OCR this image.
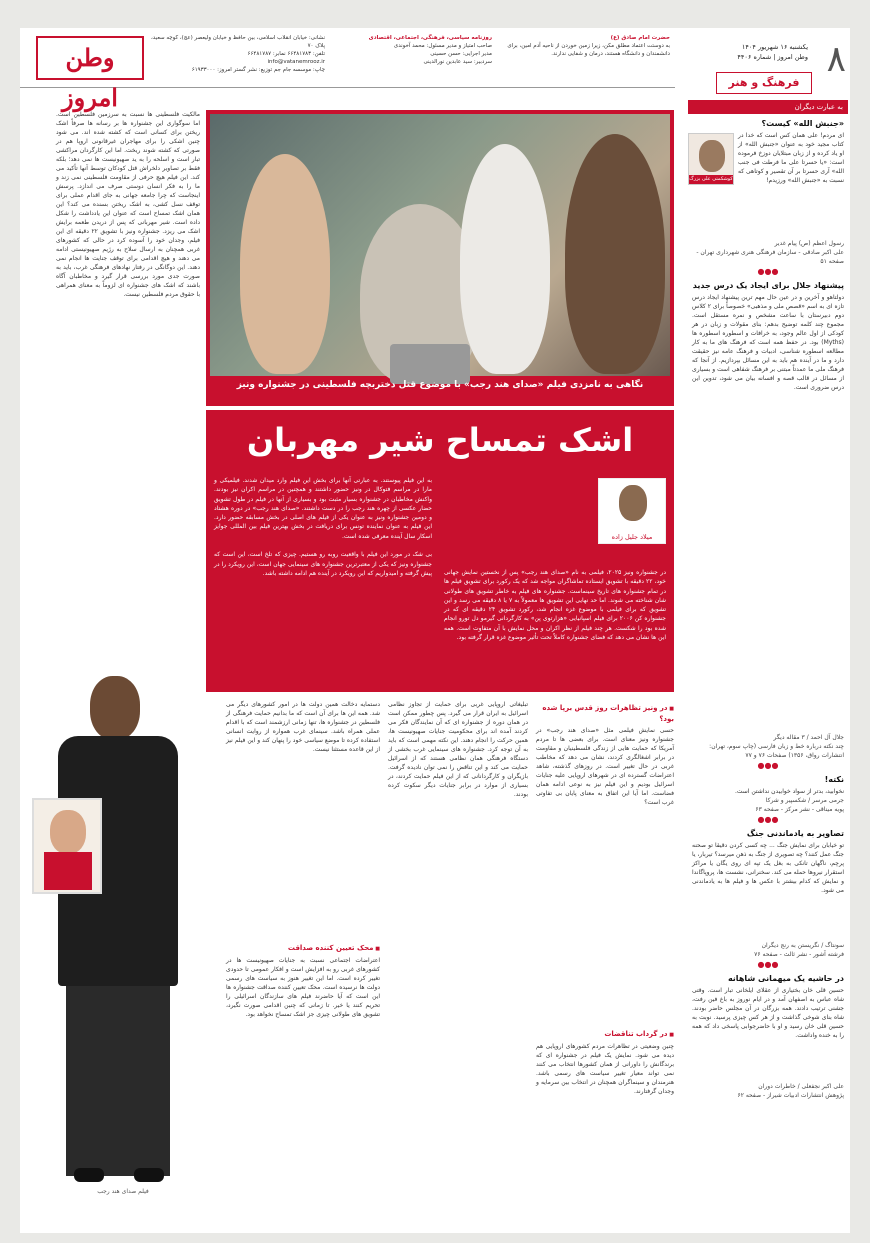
وطن امروز
نشانی: خیابان انقلاب اسلامی، بین حافظ و خیابان ولیعصر (عج)، کوچه سعید، پلاک ۷۰
تلفن: ۶۶۴۸۱۷۸۳ نمابر: ۶۶۴۸۱۷۸۷
info@vatanemrooz.ir
چاپ: موسسه جام جم توزیع: نشر گستر امروز: ۶۱۹۳۳۰۰۰
روزنامه سیاسی، فرهنگی، اجتماعی، اقتصادی
صاحب امتیاز و مدیر مسئول: محمد آخوندی
مدیر اجرایی: حسن حسینی
سردبیر: سید عابدین نورالدینی
حضرت امام صادق (ع)
به دوستت اعتماد مطلق مکن، زیرا زمین خوردن از ناحیه آدم امین، برای دانشمندان و دانشگاه هستند، درمان و شفایی ندارند.	۸
یکشنبه ۱۶ شهریور ۱۴۰۴
وطن امروز | شماره ۴۴۰۶
فرهنگ و هنر
به عبارت دیگران
«جنبش الله» کیست؟
کوشکمتی علی بزرگ
ای مردم! علی همان کس است که خدا در کتاب مجید خود به عنوان «جنبش الله» از او یاد کرده و از زبان مبتلایان دوزخ فرموده است: «یا حسرتا علی ما فرطت فی جنب الله» آری حسرتا بر آن تقصیر و کوتاهی که نسبت به «جنبش الله» ورزیدم!
رسول اعظم (ص) پیام غدیر
علی اکبر صادقی - سازمان فرهنگی هنری شهرداری تهران - صفحه ۵۱
●●●
پیشنهاد جلال برای ایجاد یک درس جدید
دولتاهو و آخرین و در عین حال مهم ترین پیشنهاد ایجاد درس تازه ای به اسم «قصص ملی و مذهبی» خصوصاً برای ۲ کلاس دوم دبیرستان با ساعت مشخص و نمره مستقل است. مجموع چند کلمه توضیح بدهم: بنای مقولات و زبان در هر کودکی از اول عالم وجود، به خرافات و اسطوره اسطوره ها (Myths) بود. در حفظ همه است که فرهنگ های ما به کار مطالعه اسطوره شناسی، ادبیات و فرهنگ عامه نیز حقیقت دارد و ما در آینده هم باید به این مسائل بپردازیم. از آنجا که فرهنگ ملی ما عمدتاً مبتنی بر فرهنگ شفاهی است و بسیاری از مسائل در قالب قصه و افسانه بیان می شود، تدوین این درس ضروری است.
جلال آل احمد / ۳ مقاله دیگر
چند نکته درباره خط و زبان فارسی (چاپ سوم، تهران: انتشارات رواق، ۱۳۵۶) صفحات ۷۶ و ۷۷
●●●
نکته!
نخوابید، بدتر از سواد خوابیدن نداشتن است.
جرمی مرسر / شکسپیر و شرکا
پویه میناقی - نشر مرکز - صفحه ۶۳
●●●
تصاویر به یادماندنی جنگ
تو خیابان برای نمایش جنگ ... چه کسی کردن دقیقا تو صحنه جنگ عمل کنند؟ چه تصویری از جنگ به ذهن میرسد؟ تیربار، یا پرچم، ناگهان تانکی به بغل یک تپه ای روی یگان یا مراکز استقرار نیروها حمله می کند. سخنرانی، نشست ها، پروپاگاندا و نمایش که کدام بیشتر با عکس ها و فیلم ها به یادماندنی می شود.
سونتاگ / نگریستن به رنج دیگران
فرشته آشور - نشر ثالث - صفحه ۷۶
●●●
در حاشیه یک میهمانی شاهانه
حسین قلی خان بختیاری از عقلای ایلخانی تبار است. وقتی شاه عباس به اصفهان آمد و در ایام نوروز به باغ فین رفت، جشنی ترتیب دادند. همه بزرگان در آن مجلس حاضر بودند. شاه بنای شوخی گذاشت و از هر کس چیزی پرسید. نوبت به حسین قلی خان رسید و او با حاضرجوابی پاسخی داد که همه را به خنده واداشت.
علی اکبر نجفعلی / خاطرات دوران
پژوهش انتشارات ادبیات شیراز - صفحه ۶۲
نگاهی به نامزدی فیلم «صدای هند رجب» با موضوع قتل دختربچه فلسطینی در جشنواره ونیز
اشک تمساح شیر مهربان
به این فیلم پیوستند. به عبارتی آنها برای بخش این فیلم وارد میدان شدند. فیلمیکی و مارا در مراسم فتوکال در ونیز حضور داشتند و همچنین در مراسم اکران نیز بودند. واکنش مخاطبان در جشنواره بسیار مثبت بود و بسیاری از آنها در فیلم در طول تشویق حضار عکسی از چهره هند رجب را در دست داشتند. «صدای هند رجب» در دوره هشتاد و دومین جشنواره ونیز به عنوان یکی از فیلم های اصلی در بخش مسابقه حضور دارد. این فیلم به عنوان نماینده تونس برای دریافت در بخش بهترین فیلم بین المللی جوایز اسکار سال آینده معرفی شده است.

بی شک در مورد این فیلم با واقعیت روبه رو هستیم. چیزی که تلخ است، این است که جشنواره ونیز که یکی از معتبرترین جشنواره های سینمایی جهان است، این رویکرد را در پیش گرفته و امیدواریم که این رویکرد در آینده هم ادامه داشته باشد.	در جشنواره ونیز ۲۰۲۵، فیلمی به نام «صدای هند رجب» پس از نخستین نمایش جهانی خود، ۲۲ دقیقه با تشویق ایستاده تماشاگران مواجه شد که یک رکورد برای تشویق فیلم ها در تمام جشنواره های تاریخ سینماست. جشنواره های فیلم به خاطر تشویق های طولانی شان شناخته می شوند. اما حد نهایی این تشویق ها معمولاً به ۷ یا ۸ دقیقه می رسد و این تشویق که برای فیلمی با موضوع غزه انجام شد، رکورد تشویق ۲۴ دقیقه ای که در جشنواره کن ۲۰۰۶ برای فیلم اسپانیایی «هزارتوی پن» به کارگردانی گیرمو دل تورو انجام شده بود را شکست. هر چند فیلم از نظر اکران و محل نمایش با آن متفاوت است. همه این ها نشان می دهد که فضای جشنواره کاملاً تحت تأثیر موضوع غزه قرار گرفته بود.
میلاد جلیل زاده
مالکیت فلسطینی ها نسبت به سرزمین فلسطین است. اما سوگواری این جشنواره ها بر رسانه ها صرفاً اشک ریختن برای کسانی است که کشته شده اند. می شود چنین اشکی را برای مهاجران غیرقانونی اروپا هم در صورتی که کشته شوند ریخت. اما این کارگردان مراکشی تبار است و اسلحه را به ید صهیونیست ها نمی دهد؛ بلکه فقط بر تصاویر دلخراش قتل کودکان توسط آنها تأکید می کند. این فیلم هیچ حرفی از مقاومت فلسطینی نمی زند و ما را به فکر انسان دوستی صرف می اندازد. پرسش اینجاست که چرا جامعه جهانی به جای اقدام عملی برای توقف نسل کشی، به اشک ریختن بسنده می کند؟ این همان اشک تمساح است که عنوان این یادداشت را شکل داده است. شیر مهربانی که پس از دریدن طعمه برایش اشک می ریزد. جشنواره ونیز با تشویق ۲۲ دقیقه ای این فیلم، وجدان خود را آسوده کرد در حالی که کشورهای غربی همچنان به ارسال سلاح به رژیم صهیونیستی ادامه می دهند و هیچ اقدامی برای توقف جنایت ها انجام نمی دهند. این دوگانگی در رفتار نهادهای فرهنگی غرب، باید به صورت جدی مورد بررسی قرار گیرد و مخاطبان آگاه باشند که اشک های جشنواره ای لزوماً به معنای همراهی با حقوق مردم فلسطین نیست.
فیلم صدای هند رجب
■ در ونیز تظاهرات روز قدس برپا شده بود؟
حسی نمایش فیلمی مثل «صدای هند رجب» در جشنواره ونیز معنای است. برای بعضی ها تا مردم آمریکا که حمایت هایی از زندگی فلسطینیان و مقاومت در برابر اشغالگری کردند، نشان می دهد که مخاطب غربی در حال تغییر است. در روزهای گذشته، شاهد اعتراضات گسترده ای در شهرهای اروپایی علیه جنایات اسرائیل بودیم و این فیلم نیز به نوعی ادامه همان فضاست. اما آیا این اتفاق به معنای پایان بی تفاوتی غرب است؟
■ در گرداب تناقضات
چنین وضعیتی در تظاهرات مردم کشورهای اروپایی هم دیده می شود. نمایش یک فیلم در جشنواره ای که برندگانش را داورانی از همان کشورها انتخاب می کنند نمی تواند معیار تغییر سیاست های رسمی باشد. هنرمندان و سینماگران همچنان در انتخاب بین سرمایه و وجدان گرفتارند.
تبلیغاتی اروپایی غربی برای حمایت از تجاوز نظامی اسرائیل به ایران قرار می گیرد. پس چطور ممکن است در همان دوره از جشنواره ای که آن نمایندگان فکر می کردند آمده اند برای محکومیت جنایات صهیونیست ها، همین حرکت را انجام دهند. این نکته مهمی است که باید به آن توجه کرد. جشنواره های سینمایی غرب بخشی از دستگاه فرهنگی همان نظامی هستند که از اسرائیل حمایت می کند و این تناقض را نمی توان نادیده گرفت. بازیگران و کارگردانانی که از این فیلم حمایت کردند، در بسیاری از موارد در برابر جنایات دیگر سکوت کرده بودند.
دستمایه دخالت همین دولت ها در امور کشورهای دیگر می شد. همه این ها برای آن است که ما بدانیم حمایت فرهنگی از فلسطین در جشنواره ها، تنها زمانی ارزشمند است که با اقدام عملی همراه باشد. سینمای غرب همواره از روایت انسانی استفاده کرده تا موضع سیاسی خود را پنهان کند و این فیلم نیز از این قاعده مستثنا نیست.
■ محک تعیین کننده صداقت
اعتراضات اجتماعی نسبت به جنایات صهیونیست ها در کشورهای غربی رو به افزایش است و افکار عمومی تا حدودی تغییر کرده است. اما این تغییر هنوز به سیاست های رسمی دولت ها نرسیده است. محک تعیین کننده صداقت جشنواره ها این است که آیا حاضرند فیلم های سازندگان اسرائیلی را تحریم کنند یا خیر. تا زمانی که چنین اقدامی صورت نگیرد، تشویق های طولانی چیزی جز اشک تمساح نخواهد بود.
